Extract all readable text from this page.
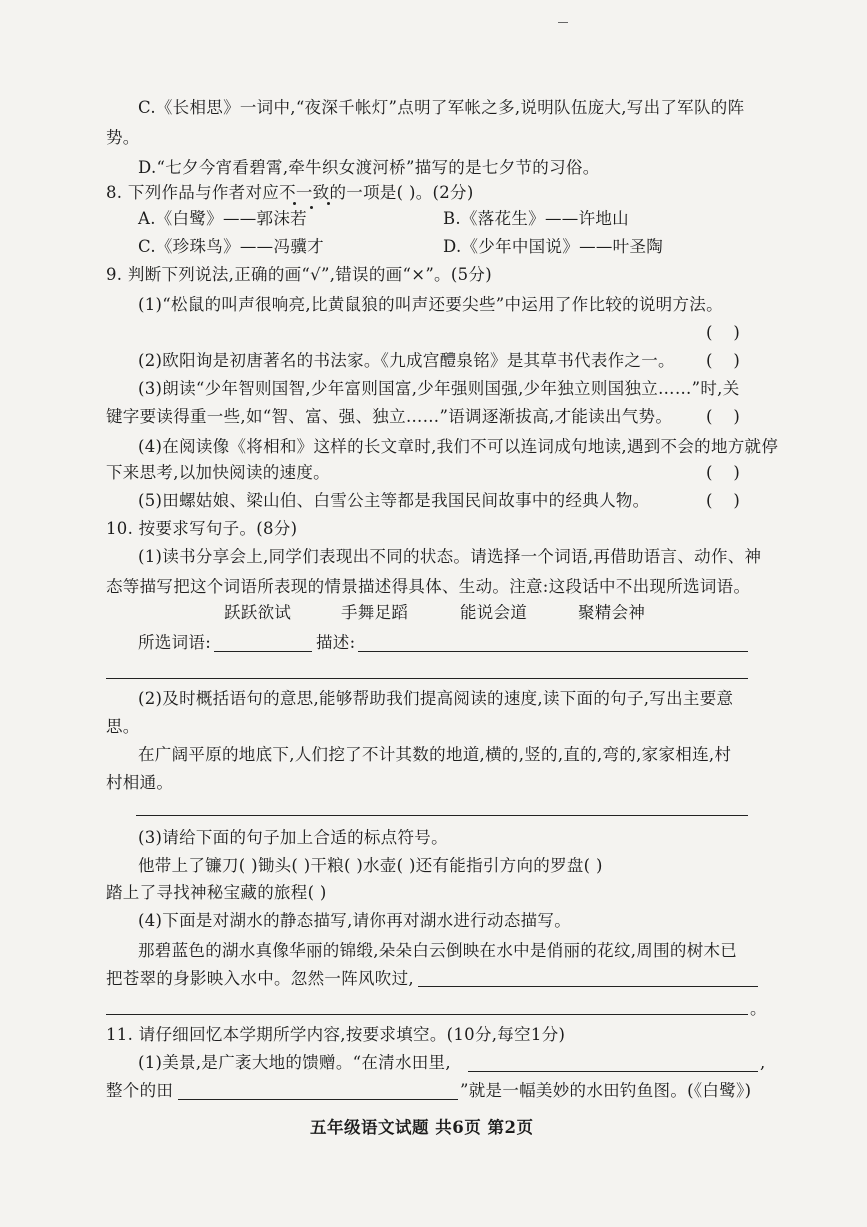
C.《长相思》一词中,“夜深千帐灯”点明了军帐之多,说明队伍庞大,写出了军队的阵
势。
D.“七夕今宵看碧霄,牵牛织女渡河桥”描写的是七夕节的习俗。
8. 下列作品与作者对应不一致的一项是( )。(2分)
A.《白鹭》——郭沫若	B.《落花生》——许地山
C.《珍珠鸟》——冯骥才	D.《少年中国说》——叶圣陶
9. 判断下列说法,正确的画“√”,错误的画“×”。(5分)
(1)“松鼠的叫声很响亮,比黄鼠狼的叫声还要尖些”中运用了作比较的说明方法。
(    )
(2)欧阳询是初唐著名的书法家。《九成宫醴泉铭》是其草书代表作之一。 (    )
(3)朗读“少年智则国智,少年富则国富,少年强则国强,少年独立则国独立……”时,关
键字要读得重一些,如“智、富、强、独立……”语调逐渐拔高,才能读出气势。 (    )
(4)在阅读像《将相和》这样的长文章时,我们不可以连词成句地读,遇到不会的地方就停
下来思考,以加快阅读的速度。	(    )
(5)田螺姑娘、梁山伯、白雪公主等都是我国民间故事中的经典人物。	(    )
10. 按要求写句子。(8分)
(1)读书分享会上,同学们表现出不同的状态。请选择一个词语,再借助语言、动作、神
态等描写把这个词语所表现的情景描述得具体、生动。注意:这段话中不出现所选词语。
跃跃欲试	手舞足蹈	能说会道	聚精会神
所选词语:	描述:
(2)及时概括语句的意思,能够帮助我们提高阅读的速度,读下面的句子,写出主要意
思。
在广阔平原的地底下,人们挖了不计其数的地道,横的,竖的,直的,弯的,家家相连,村
村相通。
(3)请给下面的句子加上合适的标点符号。
他带上了镰刀( )锄头( )干粮( )水壶( )还有能指引方向的罗盘( )
踏上了寻找神秘宝藏的旅程( )
(4)下面是对湖水的静态描写,请你再对湖水进行动态描写。
那碧蓝色的湖水真像华丽的锦缎,朵朵白云倒映在水中是俏丽的花纹,周围的树木已
把苍翠的身影映入水中。忽然一阵风吹过,
。
11. 请仔细回忆本学期所学内容,按要求填空。(10分,每空1分)
(1)美景,是广袤大地的馈赠。“在清水田里,	,
整个的田	”就是一幅美妙的水田钓鱼图。(《白鹭》)
五年级语文试题 共6页 第2页
